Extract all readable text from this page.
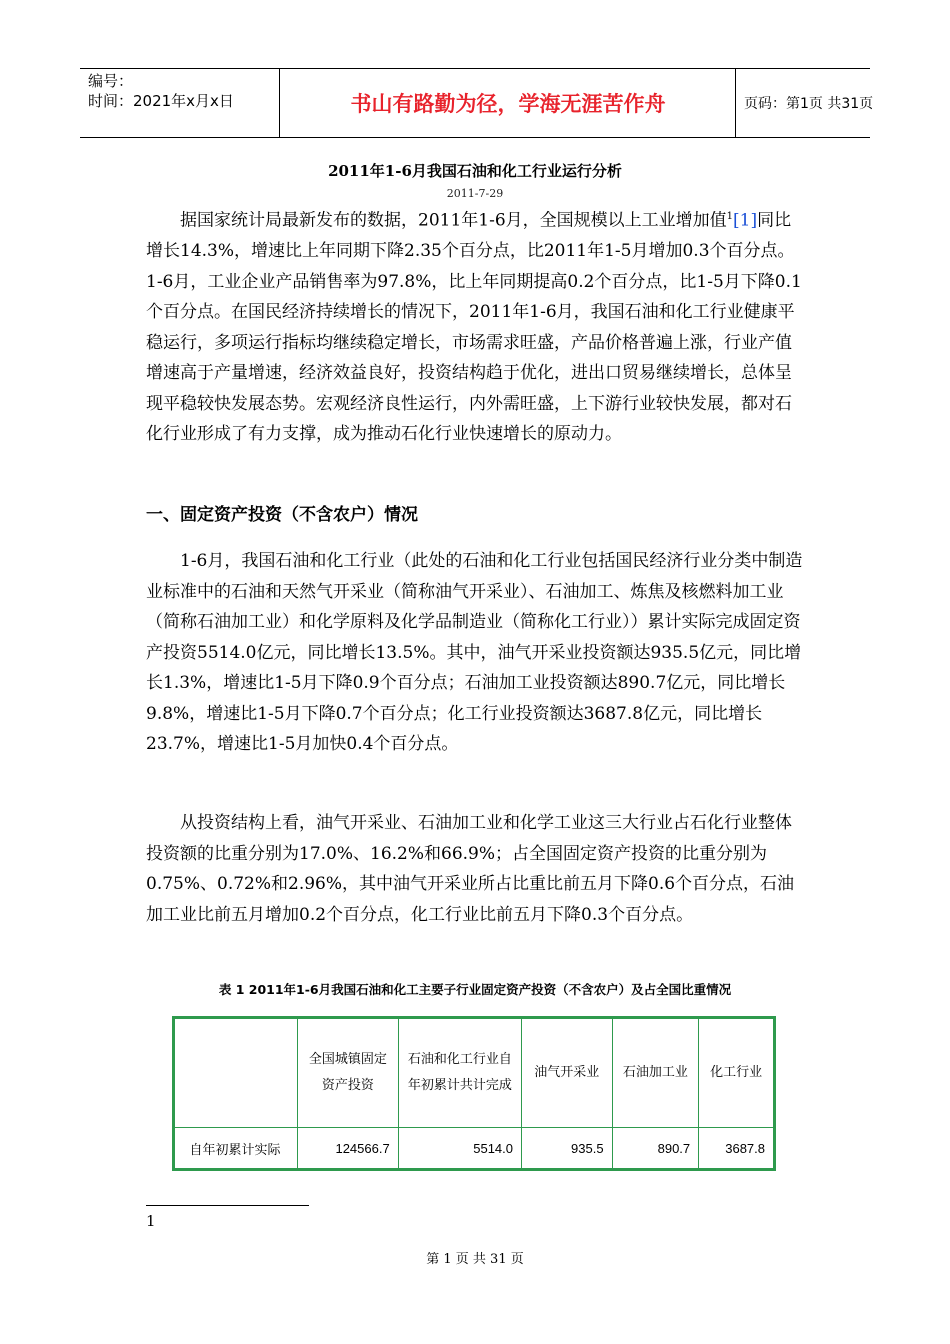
编号：
时间：2021年x月x日	书山有路勤为径，学海无涯苦作舟	页码：第1页 共31页
2011年1-6月我国石油和化工行业运行分析
2011-7-29

据国家统计局最新发布的数据，2011年1-6月，全国规模以上工业增加值$^1$[1]同比增长14.3%，增速比上年同期下降2.35个百分点，比2011年1-5月增加0.3个百分点。1-6月，工业企业产品销售率为97.8%，比上年同期提高0.2个百分点，比1-5月下降0.1个百分点。在国民经济持续增长的情况下，2011年1-6月，我国石油和化工行业健康平稳运行，多项运行指标均继续稳定增长，市场需求旺盛，产品价格普遍上涨，行业产值增速高于产量增速，经济效益良好，投资结构趋于优化，进出口贸易继续增长，总体呈现平稳较快发展态势。宏观经济良性运行，内外需旺盛，上下游行业较快发展，都对石化行业形成了有力支撑，成为推动石化行业快速增长的原动力。

一、固定资产投资（不含农户）情况

1-6月，我国石油和化工行业（此处的石油和化工行业包括国民经济行业分类中制造业标准中的石油和天然气开采业（简称油气开采业）、石油加工、炼焦及核燃料加工业（简称石油加工业）和化学原料及化学品制造业（简称化工行业））累计实际完成固定资产投资5514.0亿元，同比增长13.5%。其中，油气开采业投资额达935.5亿元，同比增长1.3%，增速比1-5月下降0.9个百分点；石油加工业投资额达890.7亿元，同比增长9.8%，增速比1-5月下降0.7个百分点；化工行业投资额达3687.8亿元，同比增长23.7%，增速比1-5月加快0.4个百分点。

从投资结构上看，油气开采业、石油加工业和化学工业这三大行业占石化行业整体投资额的比重分别为17.0%、16.2%和66.9%；占全国固定资产投资的比重分别为0.75%、0.72%和2.96%，其中油气开采业所占比重比前五月下降0.6个百分点，石油加工业比前五月增加0.2个百分点，化工行业比前五月下降0.3个百分点。

表 1 2011年1-6月我国石油和化工主要子行业固定资产投资（不含农户）及占全国比重情况
	全国城镇固定资产投资	石油和化工行业自年初累计共计完成	油气开采业	石油加工业	化工行业
自年初累计实际	124566.7	5514.0	935.5	890.7	3687.8
1
第 1 页 共 31 页
